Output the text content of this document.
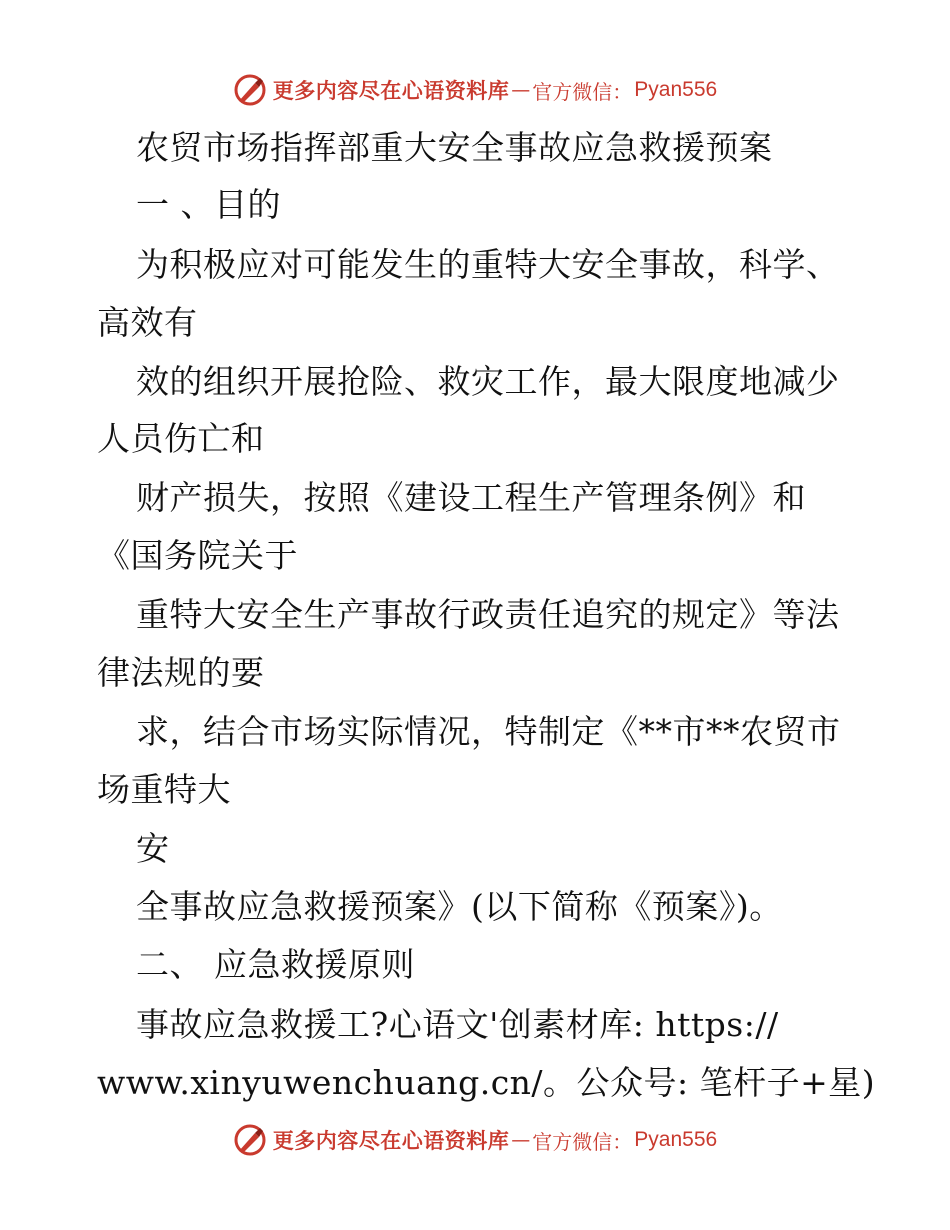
更多内容尽在心语资料库 — 官方微信： Pyan556
农贸市场指挥部重大安全事故应急救援预案
一 、目的
为积极应对可能发生的重特大安全事故，科学、
高效有
效的组织开展抢险、救灾工作，最大限度地减少
人员伤亡和
财产损失，按照《建设工程生产管理条例》和
《国务院关于
重特大安全生产事故行政责任追究的规定》等法
律法规的要
求，结合市场实际情况，特制定《**市**农贸市
场重特大
安
全事故应急救援预案》(以下简称《预案》)。
二、 应急救援原则
事故应急救援工?心语文'创素材库: https://
www.xinyuwenchuang.cn/。公众号: 笔杆子+星)
更多内容尽在心语资料库 — 官方微信： Pyan556
